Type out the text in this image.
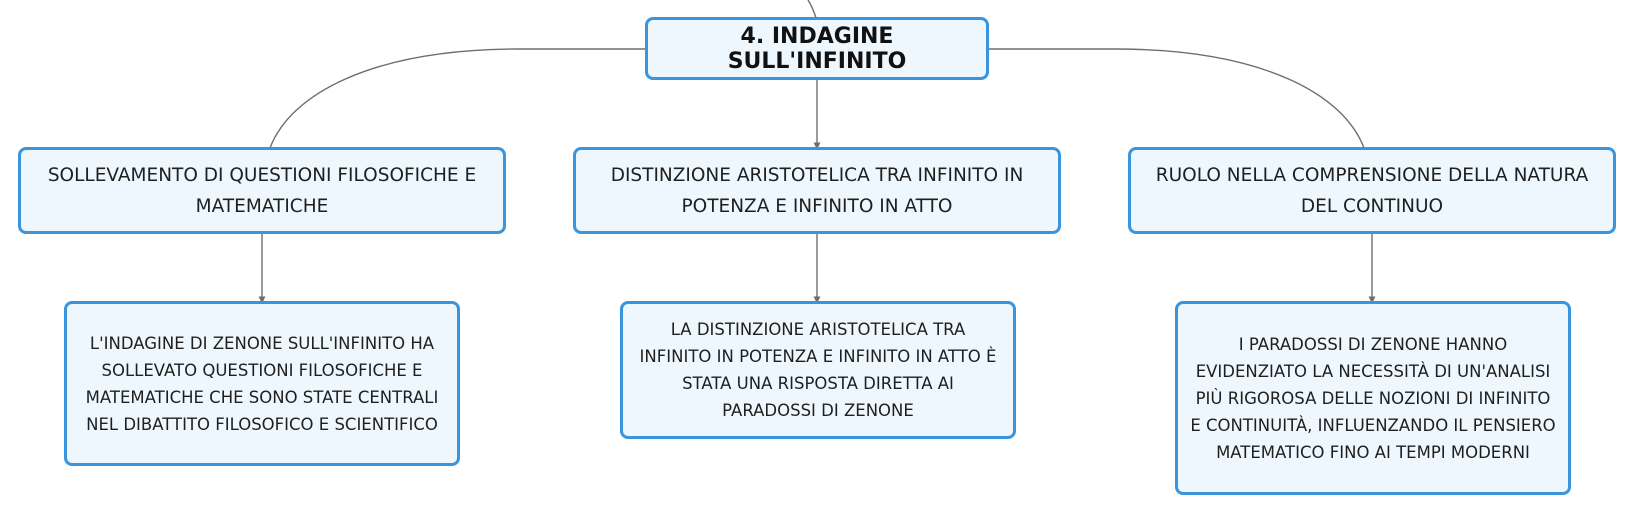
4. INDAGINE SULL'INFINITO
SOLLEVAMENTO DI QUESTIONI FILOSOFICHE E MATEMATICHE
DISTINZIONE ARISTOTELICA TRA INFINITO IN POTENZA E INFINITO IN ATTO
RUOLO NELLA COMPRENSIONE DELLA NATURA DEL CONTINUO
L'INDAGINE DI ZENONE SULL'INFINITO HA SOLLEVATO QUESTIONI FILOSOFICHE E MATEMATICHE CHE SONO STATE CENTRALI NEL DIBATTITO FILOSOFICO E SCIENTIFICO
LA DISTINZIONE ARISTOTELICA TRA INFINITO IN POTENZA E INFINITO IN ATTO È STATA UNA RISPOSTA DIRETTA AI PARADOSSI DI ZENONE
I PARADOSSI DI ZENONE HANNO EVIDENZIATO LA NECESSITÀ DI UN'ANALISI PIÙ RIGOROSA DELLE NOZIONI DI INFINITO E CONTINUITÀ, INFLUENZANDO IL PENSIERO MATEMATICO FINO AI TEMPI MODERNI
